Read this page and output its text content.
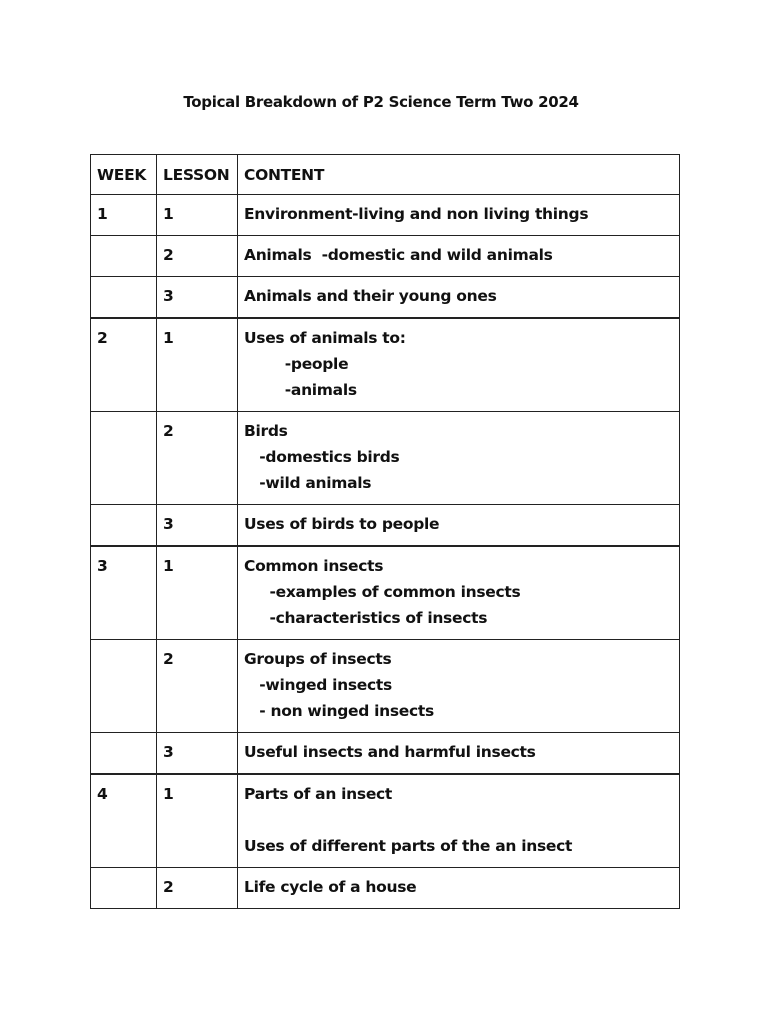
Topical Breakdown of P2 Science Term Two 2024
WEEK	LESSON	CONTENT
1	1	Environment-living and non living things

	2	Animals  -domestic and wild animals

	3	Animals and their young ones

2	1	Uses of animals to:
-people
-animals

	2	Birds
-domestics birds
-wild animals

	3	Uses of birds to people

3	1	Common insects
-examples of common insects
-characteristics of insects

	2	Groups of insects
-winged insects
- non winged insects

	3	Useful insects and harmful insects

4	1	Parts of an insect

Uses of different parts of the an insect

	2	Life cycle of a house
